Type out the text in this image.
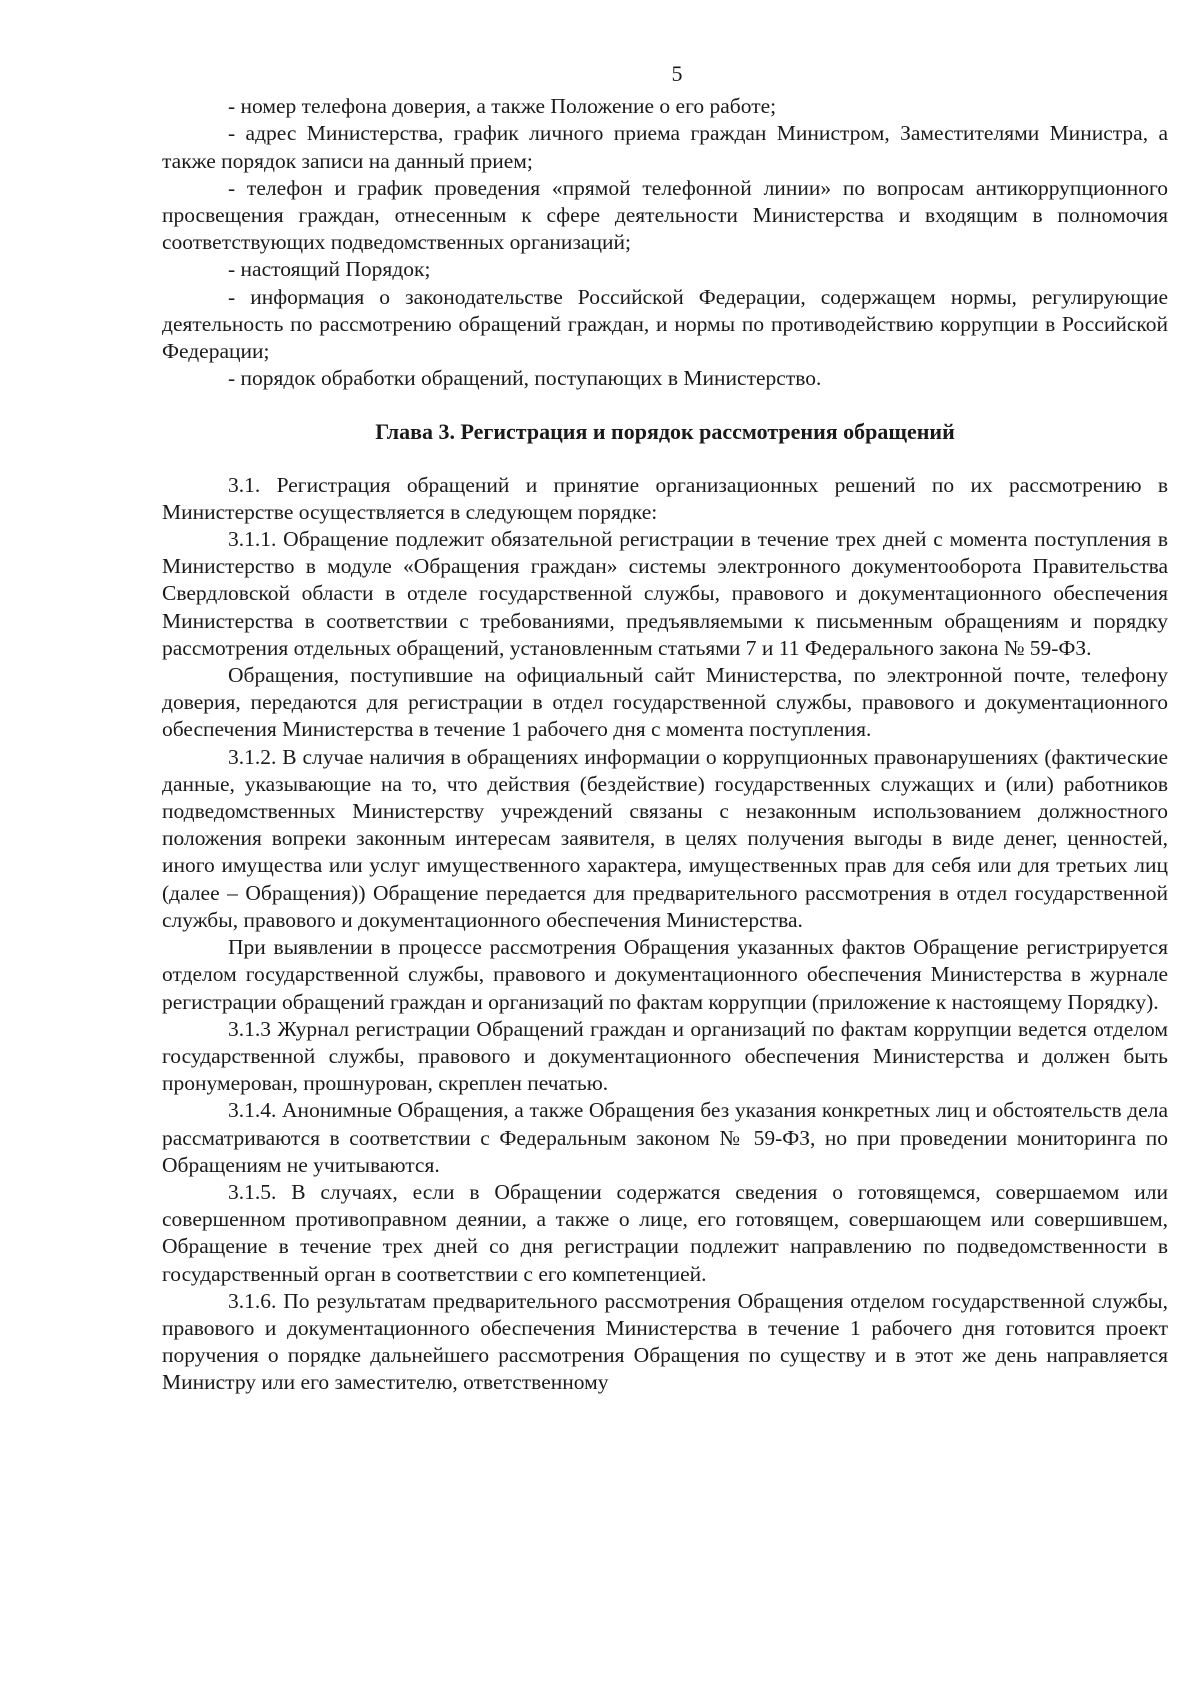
5

- номер телефона доверия, а также Положение о его работе;

- адрес Министерства, график личного приема граждан Министром, Заместителями Министра, а также порядок записи на данный прием;

- телефон и график проведения «прямой телефонной линии» по вопросам антикоррупционного просвещения граждан, отнесенным к сфере деятельности Министерства и входящим в полномочия соответствующих подведомственных организаций;

- настоящий Порядок;

- информация о законодательстве Российской Федерации, содержащем нормы, регулирующие деятельность по рассмотрению обращений граждан, и нормы по противодействию коррупции в Российской Федерации;

- порядок обработки обращений, поступающих в Министерство.

Глава 3. Регистрация и порядок рассмотрения обращений

3.1. Регистрация обращений и принятие организационных решений по их рассмотрению в Министерстве осуществляется в следующем порядке:

3.1.1. Обращение подлежит обязательной регистрации в течение трех дней с момента поступления в Министерство в модуле «Обращения граждан» системы электронного документооборота Правительства Свердловской области в отделе государственной службы, правового и документационного обеспечения Министерства в соответствии с требованиями, предъявляемыми к письменным обращениям и порядку рассмотрения отдельных обращений, установленным статьями 7 и 11 Федерального закона № 59-ФЗ.

Обращения, поступившие на официальный сайт Министерства, по электронной почте, телефону доверия, передаются для регистрации в отдел государственной службы, правового и документационного обеспечения Министерства в течение 1 рабочего дня с момента поступления.

3.1.2. В случае наличия в обращениях информации о коррупционных правонарушениях (фактические данные, указывающие на то, что действия (бездействие) государственных служащих и (или) работников подведомственных Министерству учреждений связаны с незаконным использованием должностного положения вопреки законным интересам заявителя, в целях получения выгоды в виде денег, ценностей, иного имущества или услуг имущественного характера, имущественных прав для себя или для третьих лиц (далее – Обращения)) Обращение передается для предварительного рассмотрения в отдел государственной службы, правового и документационного обеспечения Министерства.

При выявлении в процессе рассмотрения Обращения указанных фактов Обращение регистрируется отделом государственной службы, правового и документационного обеспечения Министерства в журнале регистрации обращений граждан и организаций по фактам коррупции (приложение к настоящему Порядку).

3.1.3 Журнал регистрации Обращений граждан и организаций по фактам коррупции ведется отделом государственной службы, правового и документационного обеспечения Министерства и должен быть пронумерован, прошнурован, скреплен печатью.

3.1.4. Анонимные Обращения, а также Обращения без указания конкретных лиц и обстоятельств дела рассматриваются в соответствии с Федеральным законом № 59-ФЗ, но при проведении мониторинга по Обращениям не учитываются.

3.1.5. В случаях, если в Обращении содержатся сведения о готовящемся, совершаемом или совершенном противоправном деянии, а также о лице, его готовящем, совершающем или совершившем, Обращение в течение трех дней со дня регистрации подлежит направлению по подведомственности в государственный орган в соответствии с его компетенцией.

3.1.6. По результатам предварительного рассмотрения Обращения отделом государственной службы, правового и документационного обеспечения Министерства в течение 1 рабочего дня готовится проект поручения о порядке дальнейшего рассмотрения Обращения по существу и в этот же день направляется Министру или его заместителю, ответственному
